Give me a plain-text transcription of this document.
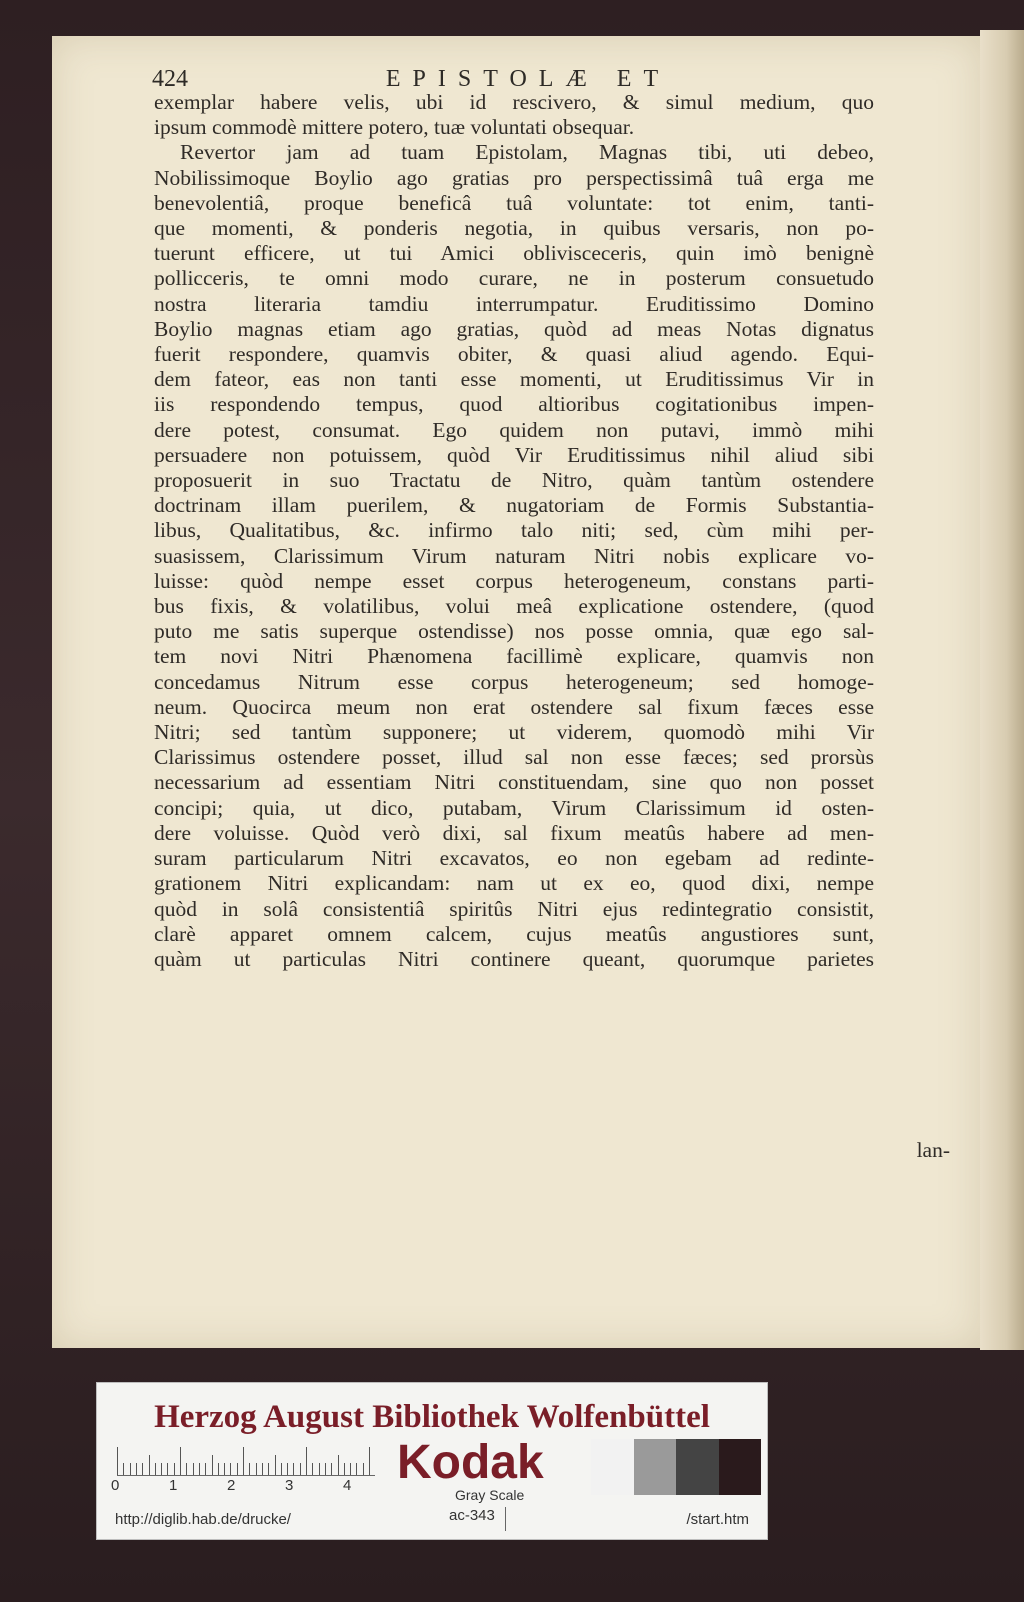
424	EPISTOLÆ ET
exemplar habere velis, ubi id rescivero, & simul medium, quo
ipsum commodè mittere potero, tuæ voluntati obsequar.
Revertor jam ad tuam Epistolam, Magnas tibi, uti debeo,
Nobilissimoque Boylio ago gratias pro perspectissimâ tuâ erga me
benevolentiâ, proque beneficâ tuâ voluntate: tot enim, tanti-
que momenti, & ponderis negotia, in quibus versaris, non po-
tuerunt efficere, ut tui Amici oblivisceceris, quin imò benignè
pollicceris, te omni modo curare, ne in posterum consuetudo
nostra literaria tamdiu interrumpatur. Eruditissimo Domino
Boylio magnas etiam ago gratias, quòd ad meas Notas dignatus
fuerit respondere, quamvis obiter, & quasi aliud agendo. Equi-
dem fateor, eas non tanti esse momenti, ut Eruditissimus Vir in
iis respondendo tempus, quod altioribus cogitationibus impen-
dere potest, consumat. Ego quidem non putavi, immò mihi
persuadere non potuissem, quòd Vir Eruditissimus nihil aliud sibi
proposuerit in suo Tractatu de Nitro, quàm tantùm ostendere
doctrinam illam puerilem, & nugatoriam de Formis Substantia-
libus, Qualitatibus, &c. infirmo talo niti; sed, cùm mihi per-
suasissem, Clarissimum Virum naturam Nitri nobis explicare vo-
luisse: quòd nempe esset corpus heterogeneum, constans parti-
bus fixis, & volatilibus, volui meâ explicatione ostendere, (quod
puto me satis superque ostendisse) nos posse omnia, quæ ego sal-
tem novi Nitri Phænomena facillimè explicare, quamvis non
concedamus Nitrum esse corpus heterogeneum; sed homoge-
neum. Quocirca meum non erat ostendere sal fixum fæces esse
Nitri; sed tantùm supponere; ut viderem, quomodò mihi Vir
Clarissimus ostendere posset, illud sal non esse fæces; sed prorsùs
necessarium ad essentiam Nitri constituendam, sine quo non posset
concipi; quia, ut dico, putabam, Virum Clarissimum id osten-
dere voluisse. Quòd verò dixi, sal fixum meatûs habere ad men-
suram particularum Nitri excavatos, eo non egebam ad redinte-
grationem Nitri explicandam: nam ut ex eo, quod dixi, nempe
quòd in solâ consistentiâ spiritûs Nitri ejus redintegratio consistit,
clarè apparet omnem calcem, cujus meatûs angustiores sunt,
quàm ut particulas Nitri continere queant, quorumque parietes
lan-
Herzog August Bibliothek Wolfenbüttel
0	1	2	3	4 Kodak
Gray Scale
http://diglib.hab.de/drucke/	ac-343	/start.htm
